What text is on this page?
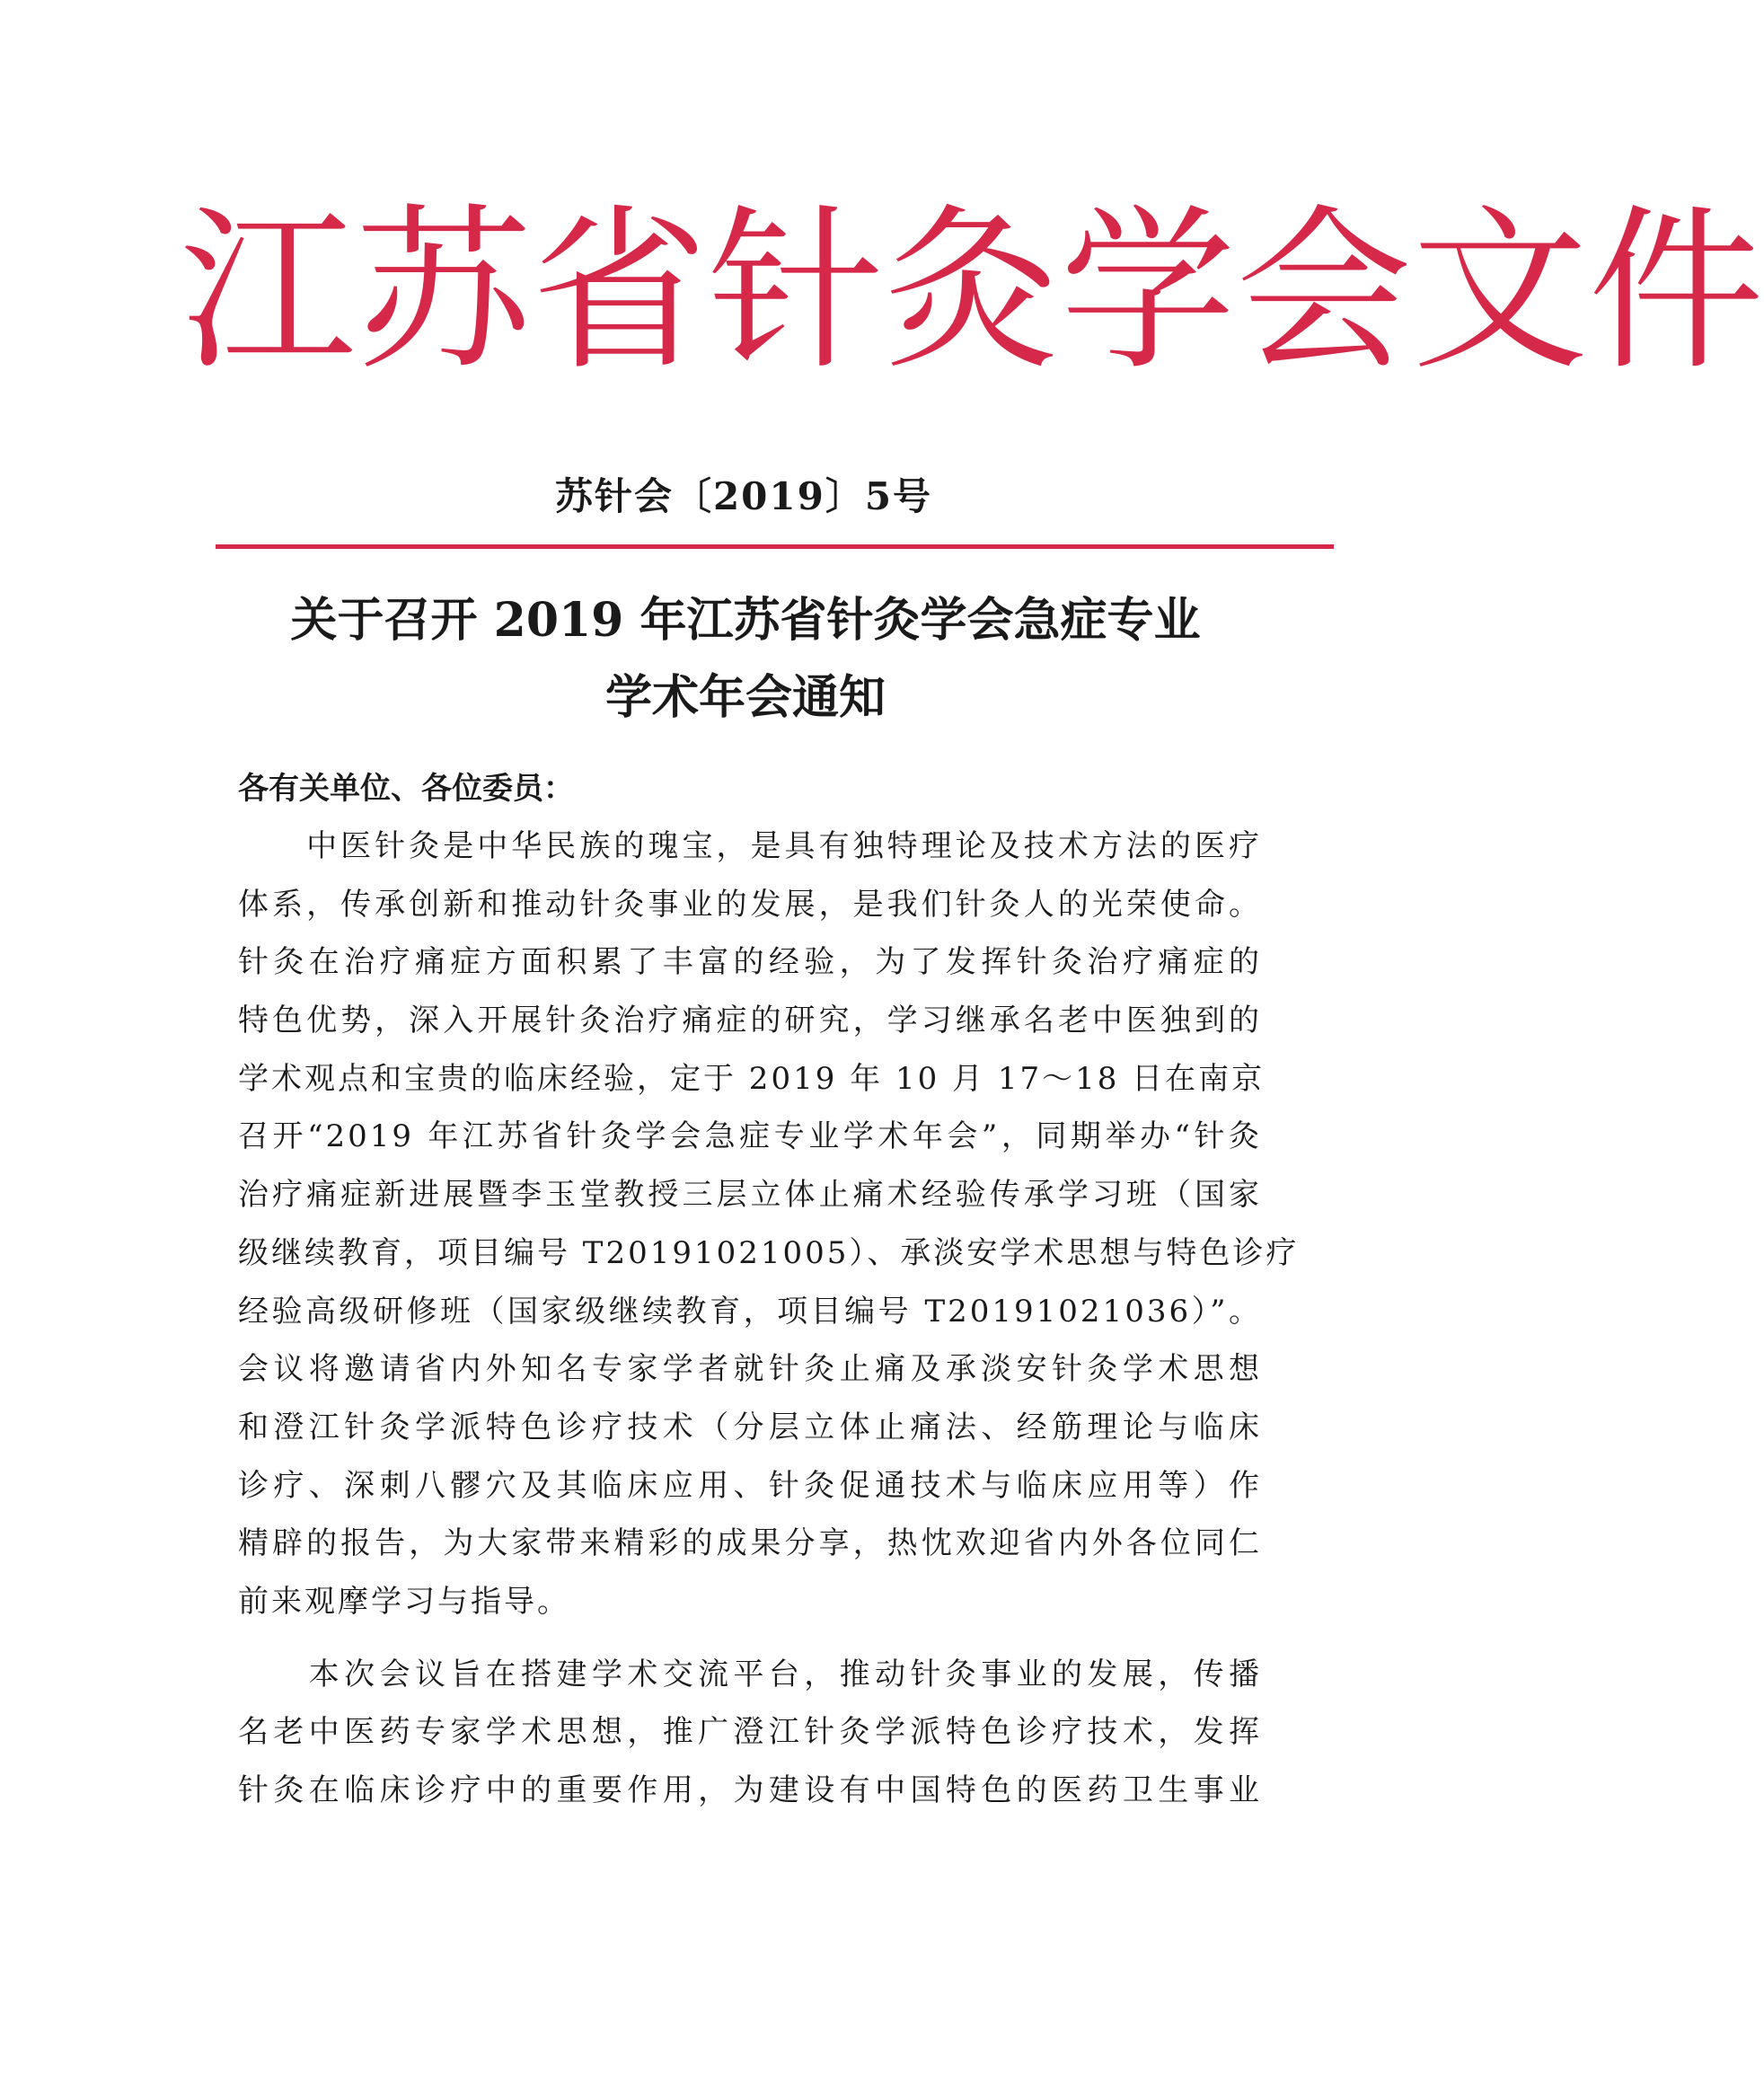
江 苏 省 针 灸 学 会 文 件
苏针会〔2019〕5号
关于召开 2019 年江苏省针灸学会急症专业
学术年会通知
各有关单位、各位委员：
　　中医针灸是中华民族的瑰宝，是具有独特理论及技术方法的医疗
体系，传承创新和推动针灸事业的发展，是我们针灸人的光荣使命。
针灸在治疗痛症方面积累了丰富的经验，为了发挥针灸治疗痛症的
特色优势，深入开展针灸治疗痛症的研究，学习继承名老中医独到的
学术观点和宝贵的临床经验，定于 2019 年 10 月 17～18 日在南京
召开“2019 年江苏省针灸学会急症专业学术年会”，同期举办“针灸
治疗痛症新进展暨李玉堂教授三层立体止痛术经验传承学习班（国家
级继续教育，项目编号 T20191021005）、承淡安学术思想与特色诊疗
经验高级研修班（国家级继续教育，项目编号 T20191021036）”。
会议将邀请省内外知名专家学者就针灸止痛及承淡安针灸学术思想
和澄江针灸学派特色诊疗技术（分层立体止痛法、经筋理论与临床
诊疗、深刺八髎穴及其临床应用、针灸促通技术与临床应用等）作
精辟的报告，为大家带来精彩的成果分享，热忱欢迎省内外各位同仁
前来观摩学习与指导。
　　本次会议旨在搭建学术交流平台，推动针灸事业的发展，传播
名老中医药专家学术思想，推广澄江针灸学派特色诊疗技术，发挥
针灸在临床诊疗中的重要作用，为建设有中国特色的医药卫生事业
